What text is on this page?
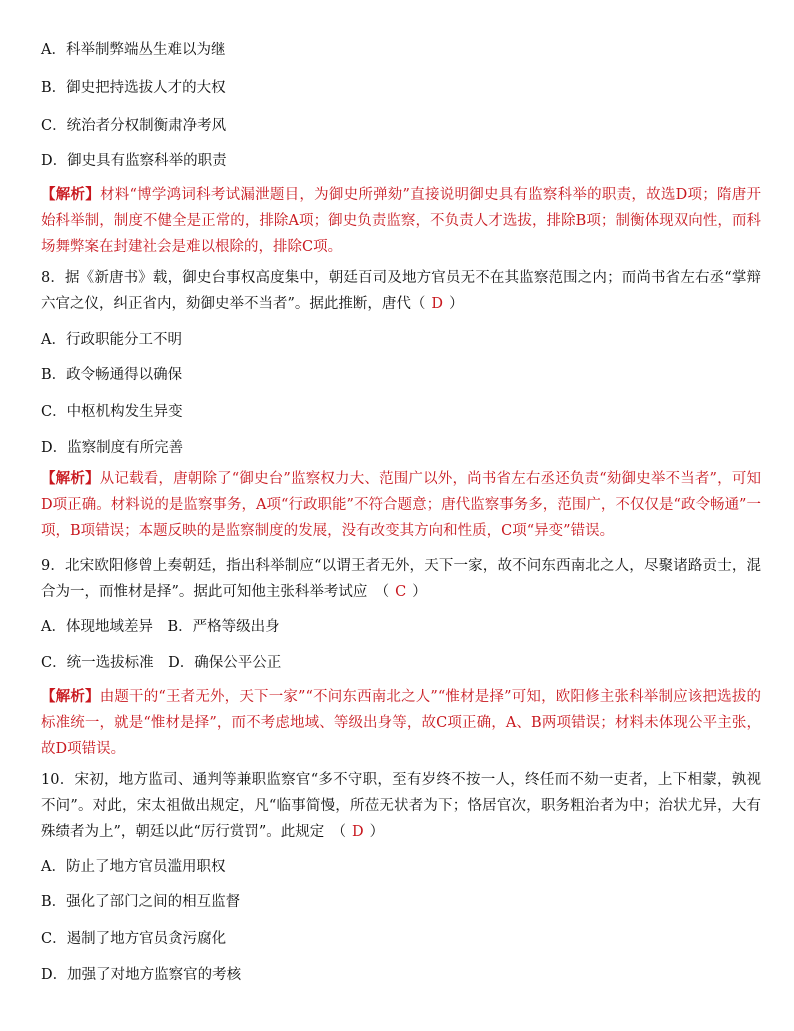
A．科举制弊端丛生难以为继
B．御史把持选拔人才的大权
C．统治者分权制衡肃净考风
D．御史具有监察科举的职责
【解析】材料“博学鸿词科考试漏泄题目，为御史所弹劾”直接说明御史具有监察科举的职责，故选D项；隋唐开始科举制，制度不健全是正常的，排除A项；御史负责监察，不负责人才选拔，排除B项；制衡体现双向性，而科场舞弊案在封建社会是难以根除的，排除C项。
8．据《新唐书》载，御史台事权高度集中，朝廷百司及地方官员无不在其监察范围之内；而尚书省左右丞“掌辩六官之仪，纠正省内，劾御史举不当者”。据此推断，唐代（ D ）
A．行政职能分工不明
B．政令畅通得以确保
C．中枢机构发生异变
D．监察制度有所完善
【解析】从记载看，唐朝除了“御史台”监察权力大、范围广以外，尚书省左右丞还负责“劾御史举不当者”，可知D项正确。材料说的是监察事务，A项“行政职能”不符合题意；唐代监察事务多，范围广，不仅仅是“政令畅通”一项，B项错误；本题反映的是监察制度的发展，没有改变其方向和性质，C项“异变”错误。
9．北宋欧阳修曾上奏朝廷，指出科举制应“以谓王者无外，天下一家，故不问东西南北之人，尽聚诸路贡士，混合为一，而惟材是择”。据此可知他主张科举考试应　（ C ）
A．体现地域差异　B．严格等级出身
C．统一选拔标准　D．确保公平公正
【解析】由题干的“王者无外，天下一家”“不问东西南北之人”“惟材是择”可知，欧阳修主张科举制应该把选拔的标准统一，就是“惟材是择”，而不考虑地域、等级出身等，故C项正确，A、B两项错误；材料未体现公平主张，故D项错误。
10．宋初，地方监司、通判等兼职监察官“多不守职，至有岁终不按一人，终任而不劾一吏者，上下相蒙，孰视不问”。对此，宋太祖做出规定，凡“临事简慢，所莅无状者为下；恪居官次，职务粗治者为中；治状尤异，大有殊绩者为上”，朝廷以此“厉行赏罚”。此规定　（ D ）
A．防止了地方官员滥用职权
B．强化了部门之间的相互监督
C．遏制了地方官员贪污腐化
D．加强了对地方监察官的考核
